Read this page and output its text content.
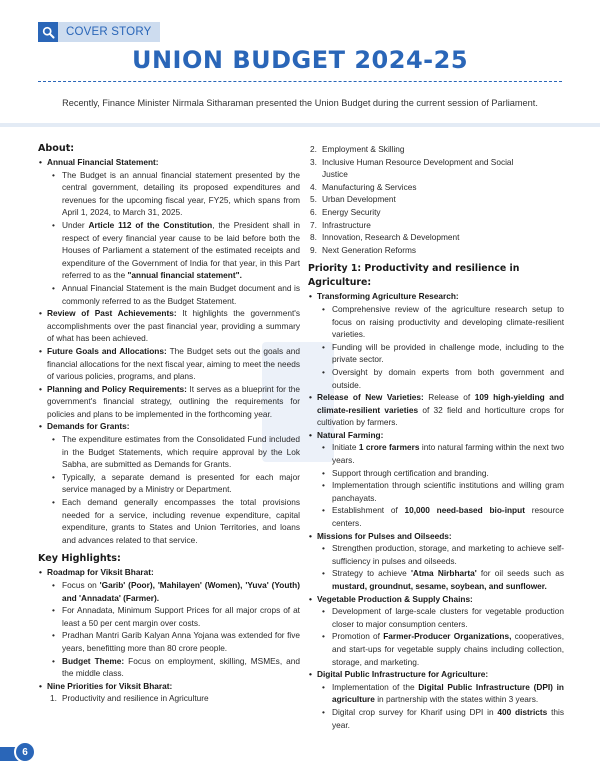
COVER STORY
UNION BUDGET 2024-25
Recently, Finance Minister Nirmala Sitharaman presented the Union Budget during the current session of Parliament.
About:
• Annual Financial Statement:

• The Budget is an annual financial statement presented by the central government, detailing its proposed expenditures and revenues for the upcoming fiscal year, FY25, which spans from April 1, 2024, to March 31, 2025.

• Under Article 112 of the Constitution, the President shall in respect of every financial year cause to be laid before both the Houses of Parliament a statement of the estimated receipts and expenditure of the Government of India for that year, in this Part referred to as the "annual financial statement".

• Annual Financial Statement is the main Budget document and is commonly referred to as the Budget Statement.

• Review of Past Achievements: It highlights the government's accomplishments over the past financial year, providing a summary of what has been achieved.

• Future Goals and Allocations: The Budget sets out the goals and financial allocations for the next fiscal year, aiming to meet the needs of various policies, programs, and plans.

• Planning and Policy Requirements: It serves as a blueprint for the government's financial strategy, outlining the requirements for policies and plans to be implemented in the forthcoming year.

• Demands for Grants:

• The expenditure estimates from the Consolidated Fund included in the Budget Statements, which require approval by the Lok Sabha, are submitted as Demands for Grants.

• Typically, a separate demand is presented for each major service managed by a Ministry or Department.

• Each demand generally encompasses the total provisions needed for a service, including revenue expenditure, capital expenditure, grants to States and Union Territories, and loans and advances related to that service.

Key Highlights:
• Roadmap for Viksit Bharat:

• Focus on 'Garib' (Poor), 'Mahilayen' (Women), 'Yuva' (Youth) and 'Annadata' (Farmer).

• For Annadata, Minimum Support Prices for all major crops of at least a 50 per cent margin over costs.

• Pradhan Mantri Garib Kalyan Anna Yojana was extended for five years, benefitting more than 80 crore people.

• Budget Theme: Focus on employment, skilling, MSMEs, and the middle class.

• Nine Priorities for Viksit Bharat:
1. Productivity and resilience in Agriculture
2. Employment & Skilling
3. Inclusive Human Resource Development and Social
Justice
4. Manufacturing & Services
5. Urban Development
6. Energy Security
7. Infrastructure
8. Innovation, Research & Development
9. Next Generation Reforms
Priority 1: Productivity and resilience in Agriculture:
• Transforming Agriculture Research:

• Comprehensive review of the agriculture research setup to focus on raising productivity and developing climate-resilient varieties.

• Funding will be provided in challenge mode, including to the private sector.

• Oversight by domain experts from both government and outside.

• Release of New Varieties: Release of 109 high-yielding and climate-resilient varieties of 32 field and horticulture crops for cultivation by farmers.

• Natural Farming:

• Initiate 1 crore farmers into natural farming within the next two years.

• Support through certification and branding.

• Implementation through scientific institutions and willing gram panchayats.

• Establishment of 10,000 need-based bio-input resource centers.

• Missions for Pulses and Oilseeds:

• Strengthen production, storage, and marketing to achieve self-sufficiency in pulses and oilseeds.

• Strategy to achieve 'Atma Nirbharta' for oil seeds such as mustard, groundnut, sesame, soybean, and sunflower.

• Vegetable Production & Supply Chains:

• Development of large-scale clusters for vegetable production closer to major consumption centers.

• Promotion of Farmer-Producer Organizations, cooperatives, and start-ups for vegetable supply chains including collection, storage, and marketing.

• Digital Public Infrastructure for Agriculture:

• Implementation of the Digital Public Infrastructure (DPI) in agriculture in partnership with the states within 3 years.

• Digital crop survey for Kharif using DPI in 400 districts this year.

6
